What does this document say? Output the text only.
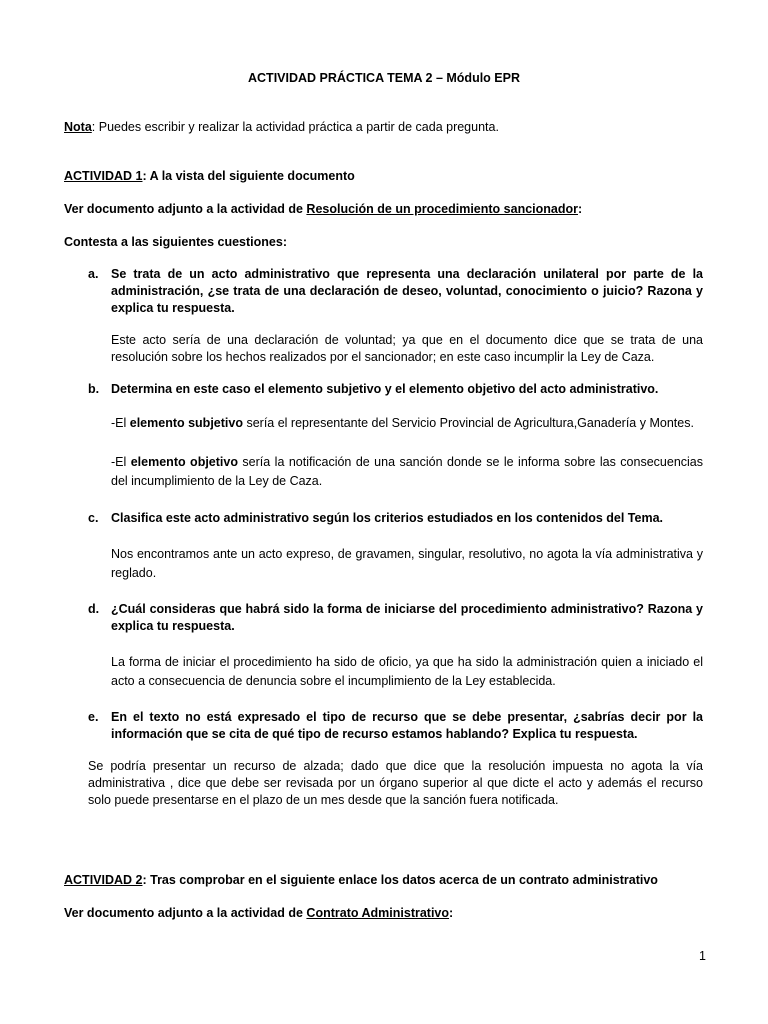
ACTIVIDAD PRÁCTICA TEMA 2 – Módulo EPR
Nota: Puedes escribir y realizar la actividad práctica a partir de cada pregunta.
ACTIVIDAD 1: A la vista del siguiente documento
Ver documento adjunto a la actividad de Resolución de un procedimiento sancionador:
Contesta a las siguientes cuestiones:
a.	Se trata de un acto administrativo que representa una declaración unilateral por parte de la administración, ¿se trata de una declaración de deseo, voluntad, conocimiento o juicio? Razona y explica tu respuesta.
Este acto sería de una declaración de voluntad; ya que en el documento dice que se trata de una resolución sobre los hechos realizados por el sancionador; en este caso incumplir la Ley de Caza.
b. Determina en este caso el elemento subjetivo y el elemento objetivo del acto administrativo.
-El elemento subjetivo sería el representante del Servicio Provincial de Agricultura,Ganadería y Montes.
-El elemento objetivo sería la notificación de una sanción donde se le informa sobre las consecuencias del incumplimiento de la Ley de Caza.
c.	Clasifica este acto administrativo según los criterios estudiados en los contenidos del Tema.
Nos encontramos ante un acto expreso, de gravamen, singular, resolutivo, no agota la vía administrativa y reglado.
d. ¿Cuál consideras que habrá sido la forma de iniciarse del procedimiento administrativo? Razona y explica tu respuesta.
La forma de iniciar el procedimiento ha sido de oficio, ya que ha sido la administración quien a iniciado el acto a consecuencia de denuncia sobre el incumplimiento de la Ley establecida.
e.	En el texto no está expresado el tipo de recurso que se debe presentar, ¿sabrías decir por la información que se cita de qué tipo de recurso estamos hablando? Explica tu respuesta.
Se podría presentar un recurso de alzada; dado que dice que la resolución impuesta no agota la vía administrativa , dice que debe ser revisada por un órgano superior al que dicte el acto y además el recurso solo puede presentarse en el plazo de un mes desde que la sanción fuera notificada.
ACTIVIDAD 2: Tras comprobar en el siguiente enlace los datos acerca de un contrato administrativo
Ver documento adjunto a la actividad de Contrato Administrativo:
1
